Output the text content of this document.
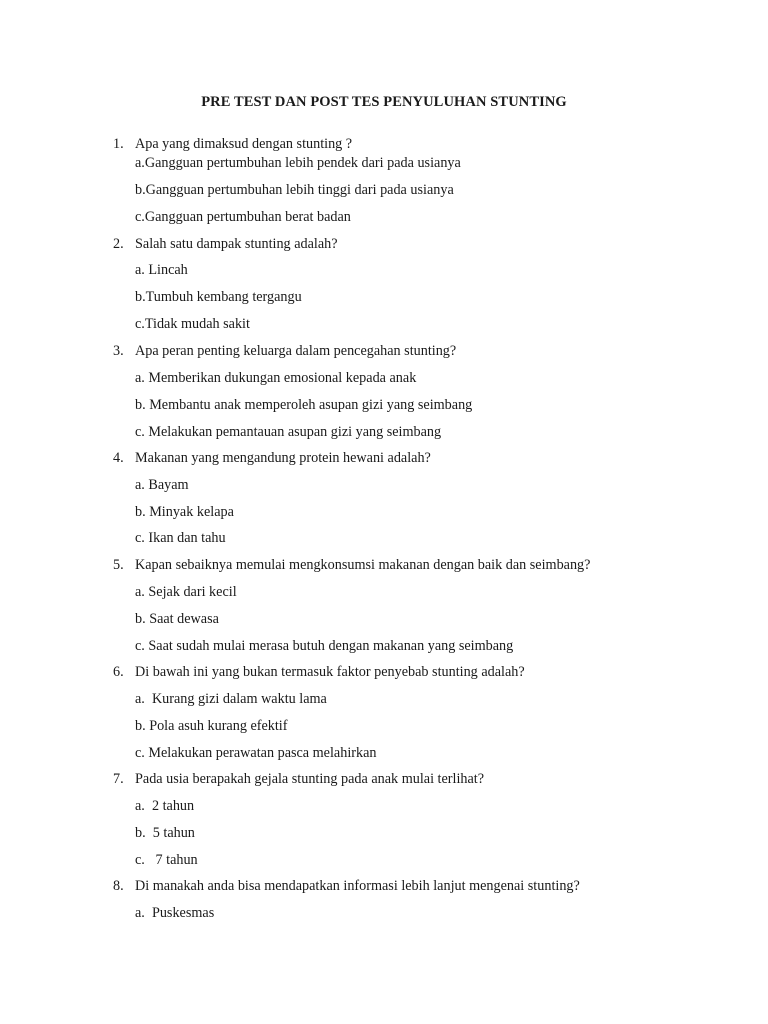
PRE TEST DAN POST TES PENYULUHAN STUNTING
1. Apa yang dimaksud dengan stunting ?
a.Gangguan pertumbuhan lebih pendek dari pada usianya
b.Gangguan pertumbuhan lebih tinggi dari pada usianya
c.Gangguan pertumbuhan berat badan
2. Salah satu dampak stunting adalah?
a. Lincah
b.Tumbuh kembang tergangu
c.Tidak mudah sakit
3. Apa peran penting keluarga dalam pencegahan stunting?
a. Memberikan dukungan emosional kepada anak
b. Membantu anak memperoleh asupan gizi yang seimbang
c. Melakukan pemantauan asupan gizi yang seimbang
4. Makanan yang mengandung protein hewani adalah?
a. Bayam
b. Minyak kelapa
c. Ikan dan tahu
5. Kapan sebaiknya memulai mengkonsumsi makanan dengan baik dan seimbang?
a. Sejak dari kecil
b. Saat dewasa
c. Saat sudah mulai merasa butuh dengan makanan yang seimbang
6. Di bawah ini yang bukan termasuk faktor penyebab stunting adalah?
a.  Kurang gizi dalam waktu lama
b. Pola asuh kurang efektif
c. Melakukan perawatan pasca melahirkan
7. Pada usia berapakah gejala stunting pada anak mulai terlihat?
a.  2 tahun
b.  5 tahun
c.   7 tahun
8. Di manakah anda bisa mendapatkan informasi lebih lanjut mengenai stunting?
a.  Puskesmas
